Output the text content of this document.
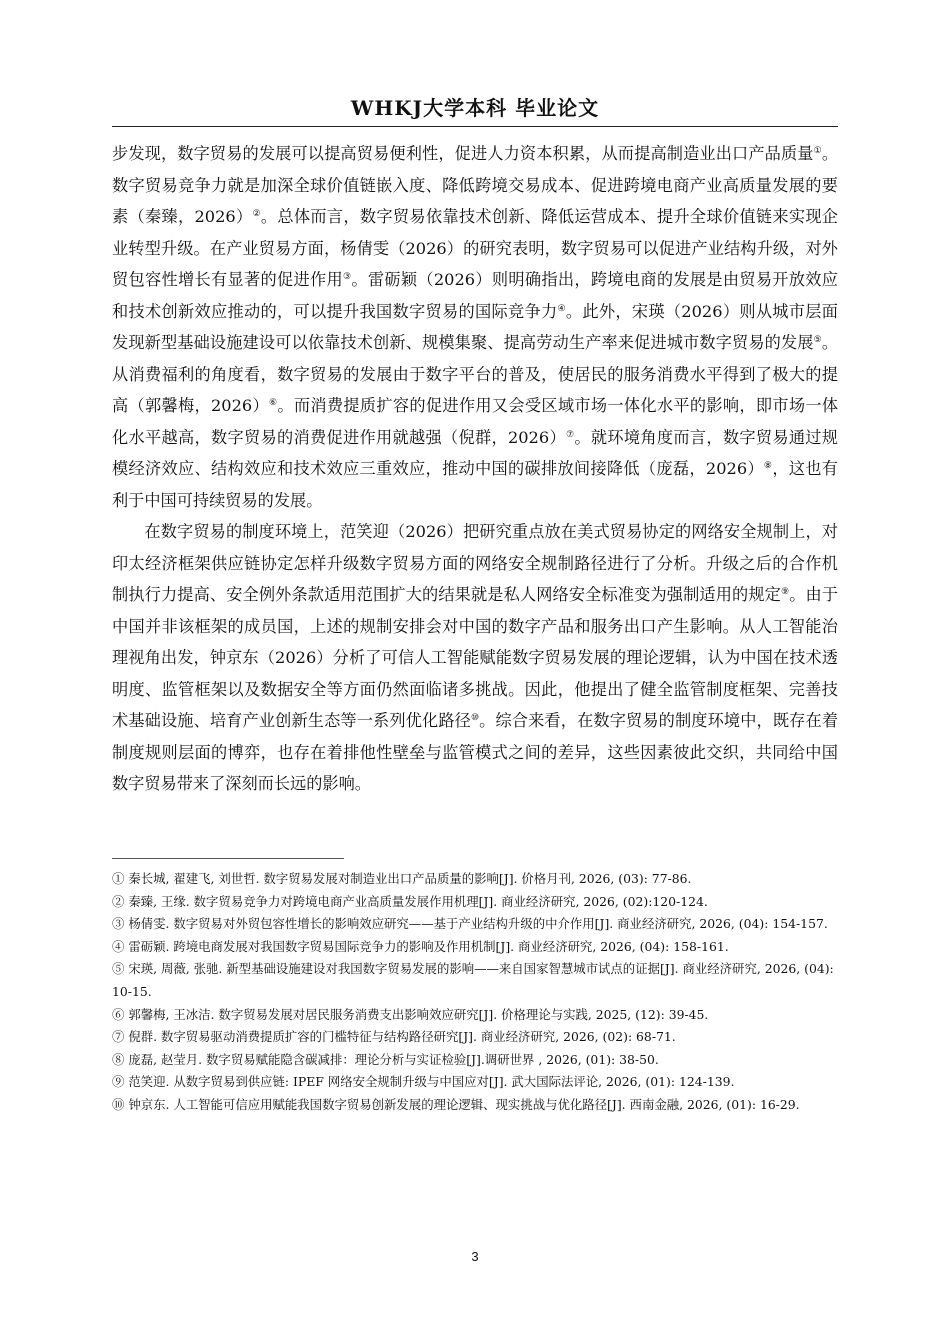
WHKJ大学本科 毕业论文

步发现，数字贸易的发展可以提高贸易便利性，促进人力资本积累，从而提高制造业出口产品质量①。数字贸易竞争力就是加深全球价值链嵌入度、降低跨境交易成本、促进跨境电商产业高质量发展的要素（秦臻，2026）②。总体而言，数字贸易依靠技术创新、降低运营成本、提升全球价值链来实现企业转型升级。在产业贸易方面，杨倩雯（2026）的研究表明，数字贸易可以促进产业结构升级，对外贸包容性增长有显著的促进作用③。雷砺颖（2026）则明确指出，跨境电商的发展是由贸易开放效应和技术创新效应推动的，可以提升我国数字贸易的国际竞争力④。此外，宋瑛（2026）则从城市层面发现新型基础设施建设可以依靠技术创新、规模集聚、提高劳动生产率来促进城市数字贸易的发展⑤。从消费福利的角度看，数字贸易的发展由于数字平台的普及，使居民的服务消费水平得到了极大的提高（郭馨梅，2026）⑥。而消费提质扩容的促进作用又会受区域市场一体化水平的影响，即市场一体化水平越高，数字贸易的消费促进作用就越强（倪群，2026）⑦。就环境角度而言，数字贸易通过规模经济效应、结构效应和技术效应三重效应，推动中国的碳排放间接降低（庞磊，2026）⑧，这也有利于中国可持续贸易的发展。

在数字贸易的制度环境上，范笑迎（2026）把研究重点放在美式贸易协定的网络安全规制上，对印太经济框架供应链协定怎样升级数字贸易方面的网络安全规制路径进行了分析。升级之后的合作机制执行力提高、安全例外条款适用范围扩大的结果就是私人网络安全标准变为强制适用的规定⑨。由于中国并非该框架的成员国，上述的规制安排会对中国的数字产品和服务出口产生影响。从人工智能治理视角出发，钟京东（2026）分析了可信人工智能赋能数字贸易发展的理论逻辑，认为中国在技术透明度、监管框架以及数据安全等方面仍然面临诸多挑战。因此，他提出了健全监管制度框架、完善技术基础设施、培育产业创新生态等一系列优化路径⑩。综合来看，在数字贸易的制度环境中，既存在着制度规则层面的博弈，也存在着排他性壁垒与监管模式之间的差异，这些因素彼此交织，共同给中国数字贸易带来了深刻而长远的影响。

① 秦长城, 翟建飞, 刘世哲. 数字贸易发展对制造业出口产品质量的影响[J]. 价格月刊, 2026, (03): 77-86.

② 秦臻, 王缘. 数字贸易竞争力对跨境电商产业高质量发展作用机理[J]. 商业经济研究, 2026, (02):120-124.

③ 杨倩雯. 数字贸易对外贸包容性增长的影响效应研究——基于产业结构升级的中介作用[J]. 商业经济研究, 2026, (04): 154-157.

④ 雷砺颖. 跨境电商发展对我国数字贸易国际竞争力的影响及作用机制[J]. 商业经济研究, 2026, (04): 158-161.

⑤ 宋瑛, 周薇, 张驰. 新型基础设施建设对我国数字贸易发展的影响——来自国家智慧城市试点的证据[J]. 商业经济研究, 2026, (04): 10-15.

⑥ 郭馨梅, 王冰洁. 数字贸易发展对居民服务消费支出影响效应研究[J]. 价格理论与实践, 2025, (12): 39-45.

⑦ 倪群. 数字贸易驱动消费提质扩容的门槛特征与结构路径研究[J]. 商业经济研究, 2026, (02): 68-71.

⑧ 庞磊, 赵莹月. 数字贸易赋能隐含碳减排：理论分析与实证检验[J].调研世界 , 2026, (01): 38-50.

⑨ 范笑迎. 从数字贸易到供应链: IPEF 网络安全规制升级与中国应对[J]. 武大国际法评论, 2026, (01): 124-139.

⑩ 钟京东. 人工智能可信应用赋能我国数字贸易创新发展的理论逻辑、现实挑战与优化路径[J]. 西南金融, 2026, (01): 16-29.

3
